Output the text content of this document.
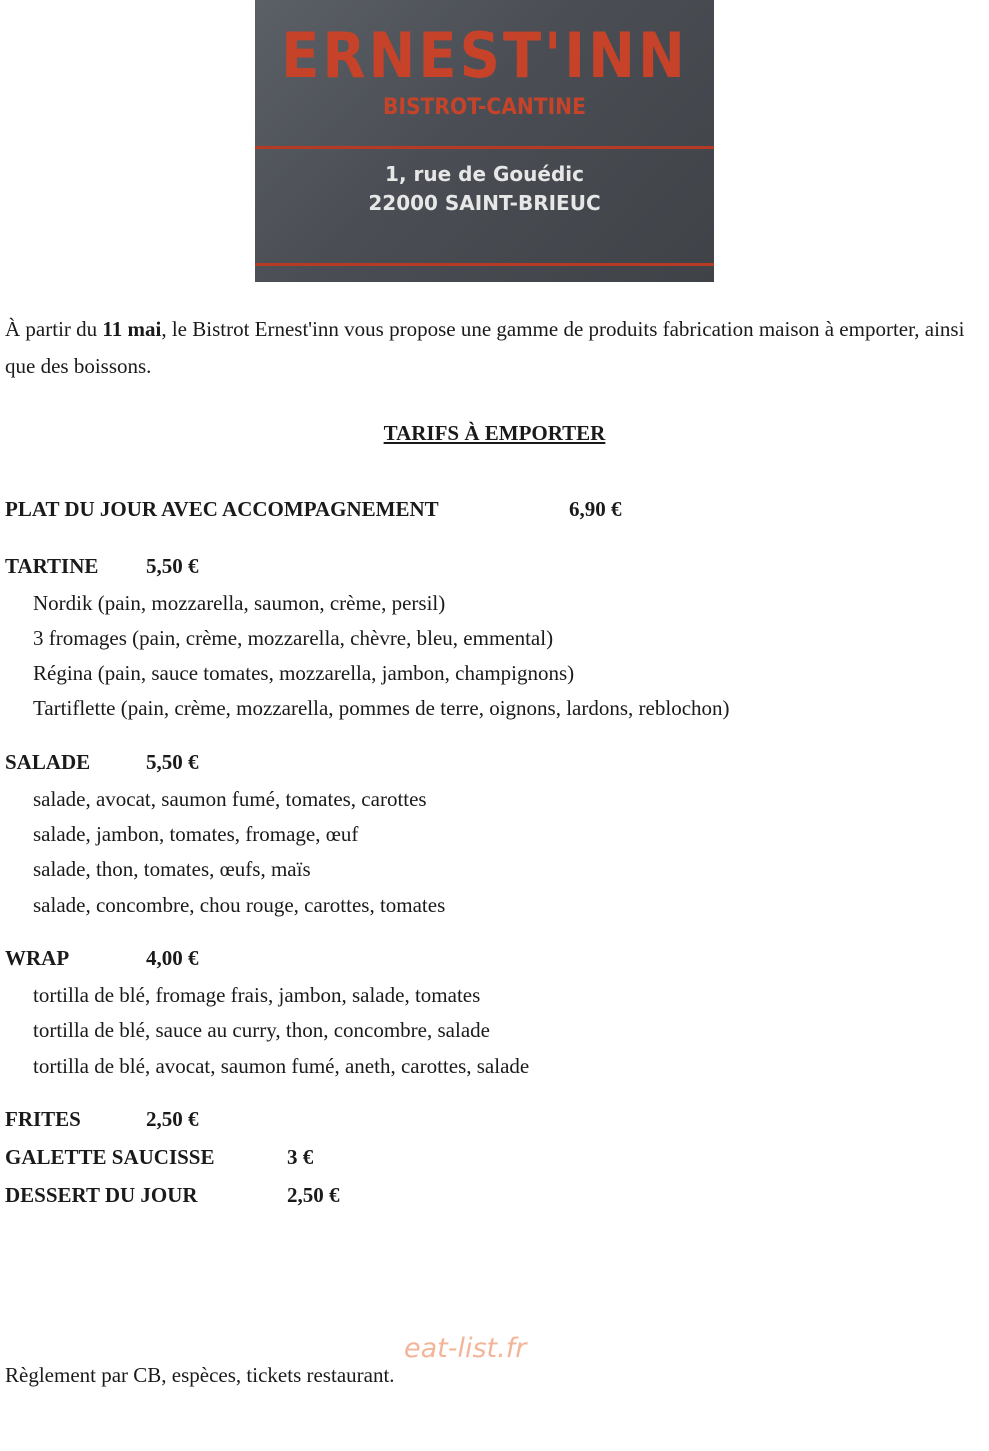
ERNEST'INN
BISTROT-CANTINE
1, rue de Gouédic
22000 SAINT-BRIEUC
À partir du 11 mai, le Bistrot Ernest'inn vous propose une gamme de produits fabrication maison à emporter, ainsi que des boissons.
TARIFS À EMPORTER
PLAT DU JOUR AVEC ACCOMPAGNEMENT	6,90 €
TARTINE 5,50 €
Nordik (pain, mozzarella, saumon, crème, persil)
3 fromages (pain, crème, mozzarella, chèvre, bleu, emmental)
Régina (pain, sauce tomates, mozzarella, jambon, champignons)
Tartiflette (pain, crème, mozzarella, pommes de terre, oignons, lardons, reblochon)
SALADE	5,50 €
salade, avocat, saumon fumé, tomates, carottes
salade, jambon, tomates, fromage, œuf
salade, thon, tomates, œufs, maïs
salade, concombre, chou rouge, carottes, tomates
WRAP	4,00 €
tortilla de blé, fromage frais, jambon, salade, tomates
tortilla de blé, sauce au curry, thon, concombre, salade
tortilla de blé, avocat, saumon fumé, aneth, carottes, salade
FRITES	2,50 €
GALETTE SAUCISSE	3 €
DESSERT DU JOUR	2,50 €
eat-list.fr
Règlement par CB, espèces, tickets restaurant.
